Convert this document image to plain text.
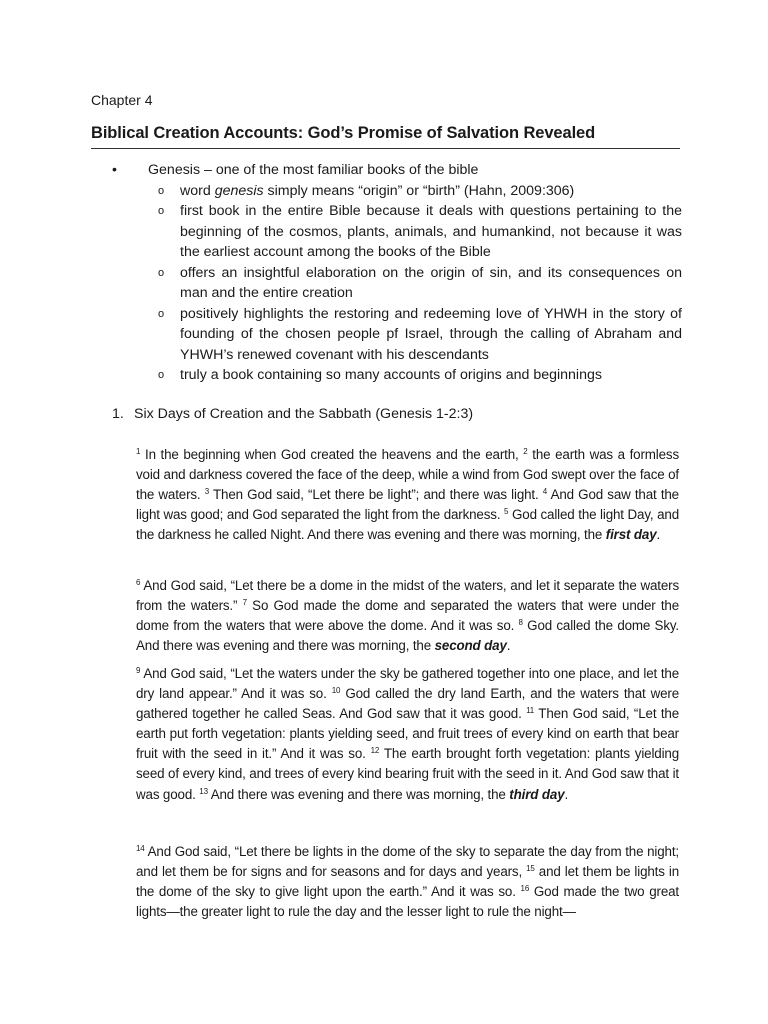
Chapter 4
Biblical Creation Accounts: God’s Promise of Salvation Revealed
• Genesis – one of the most familiar books of the bible
o word genesis simply means “origin” or “birth” (Hahn, 2009:306)
o first book in the entire Bible because it deals with questions pertaining to the beginning of the cosmos, plants, animals, and humankind, not because it was the earliest account among the books of the Bible
o offers an insightful elaboration on the origin of sin, and its consequences on man and the entire creation
o positively highlights the restoring and redeeming love of YHWH in the story of founding of the chosen people pf Israel, through the calling of Abraham and YHWH’s renewed covenant with his descendants
o truly a book containing so many accounts of origins and beginnings
1. Six Days of Creation and the Sabbath (Genesis 1-2:3)
$^1$ In the beginning when God created the heavens and the earth, $^2$ the earth was a formless void and darkness covered the face of the deep, while a wind from God swept over the face of the waters. $^3$ Then God said, “Let there be light”; and there was light. $^4$ And God saw that the light was good; and God separated the light from the darkness. $^5$ God called the light Day, and the darkness he called Night. And there was evening and there was morning, the first day.
$^6$ And God said, “Let there be a dome in the midst of the waters, and let it separate the waters from the waters.” $^7$ So God made the dome and separated the waters that were under the dome from the waters that were above the dome. And it was so. $^8$ God called the dome Sky. And there was evening and there was morning, the second day.
$^9$ And God said, “Let the waters under the sky be gathered together into one place, and let the dry land appear.” And it was so. $^{10}$ God called the dry land Earth, and the waters that were gathered together he called Seas. And God saw that it was good. $^{11}$ Then God said, “Let the earth put forth vegetation: plants yielding seed, and fruit trees of every kind on earth that bear fruit with the seed in it.” And it was so. $^{12}$ The earth brought forth vegetation: plants yielding seed of every kind, and trees of every kind bearing fruit with the seed in it. And God saw that it was good. $^{13}$ And there was evening and there was morning, the third day.
$^{14}$ And God said, “Let there be lights in the dome of the sky to separate the day from the night; and let them be for signs and for seasons and for days and years, $^{15}$ and let them be lights in the dome of the sky to give light upon the earth.” And it was so. $^{16}$ God made the two great lights—the greater light to rule the day and the lesser light to rule the night—
